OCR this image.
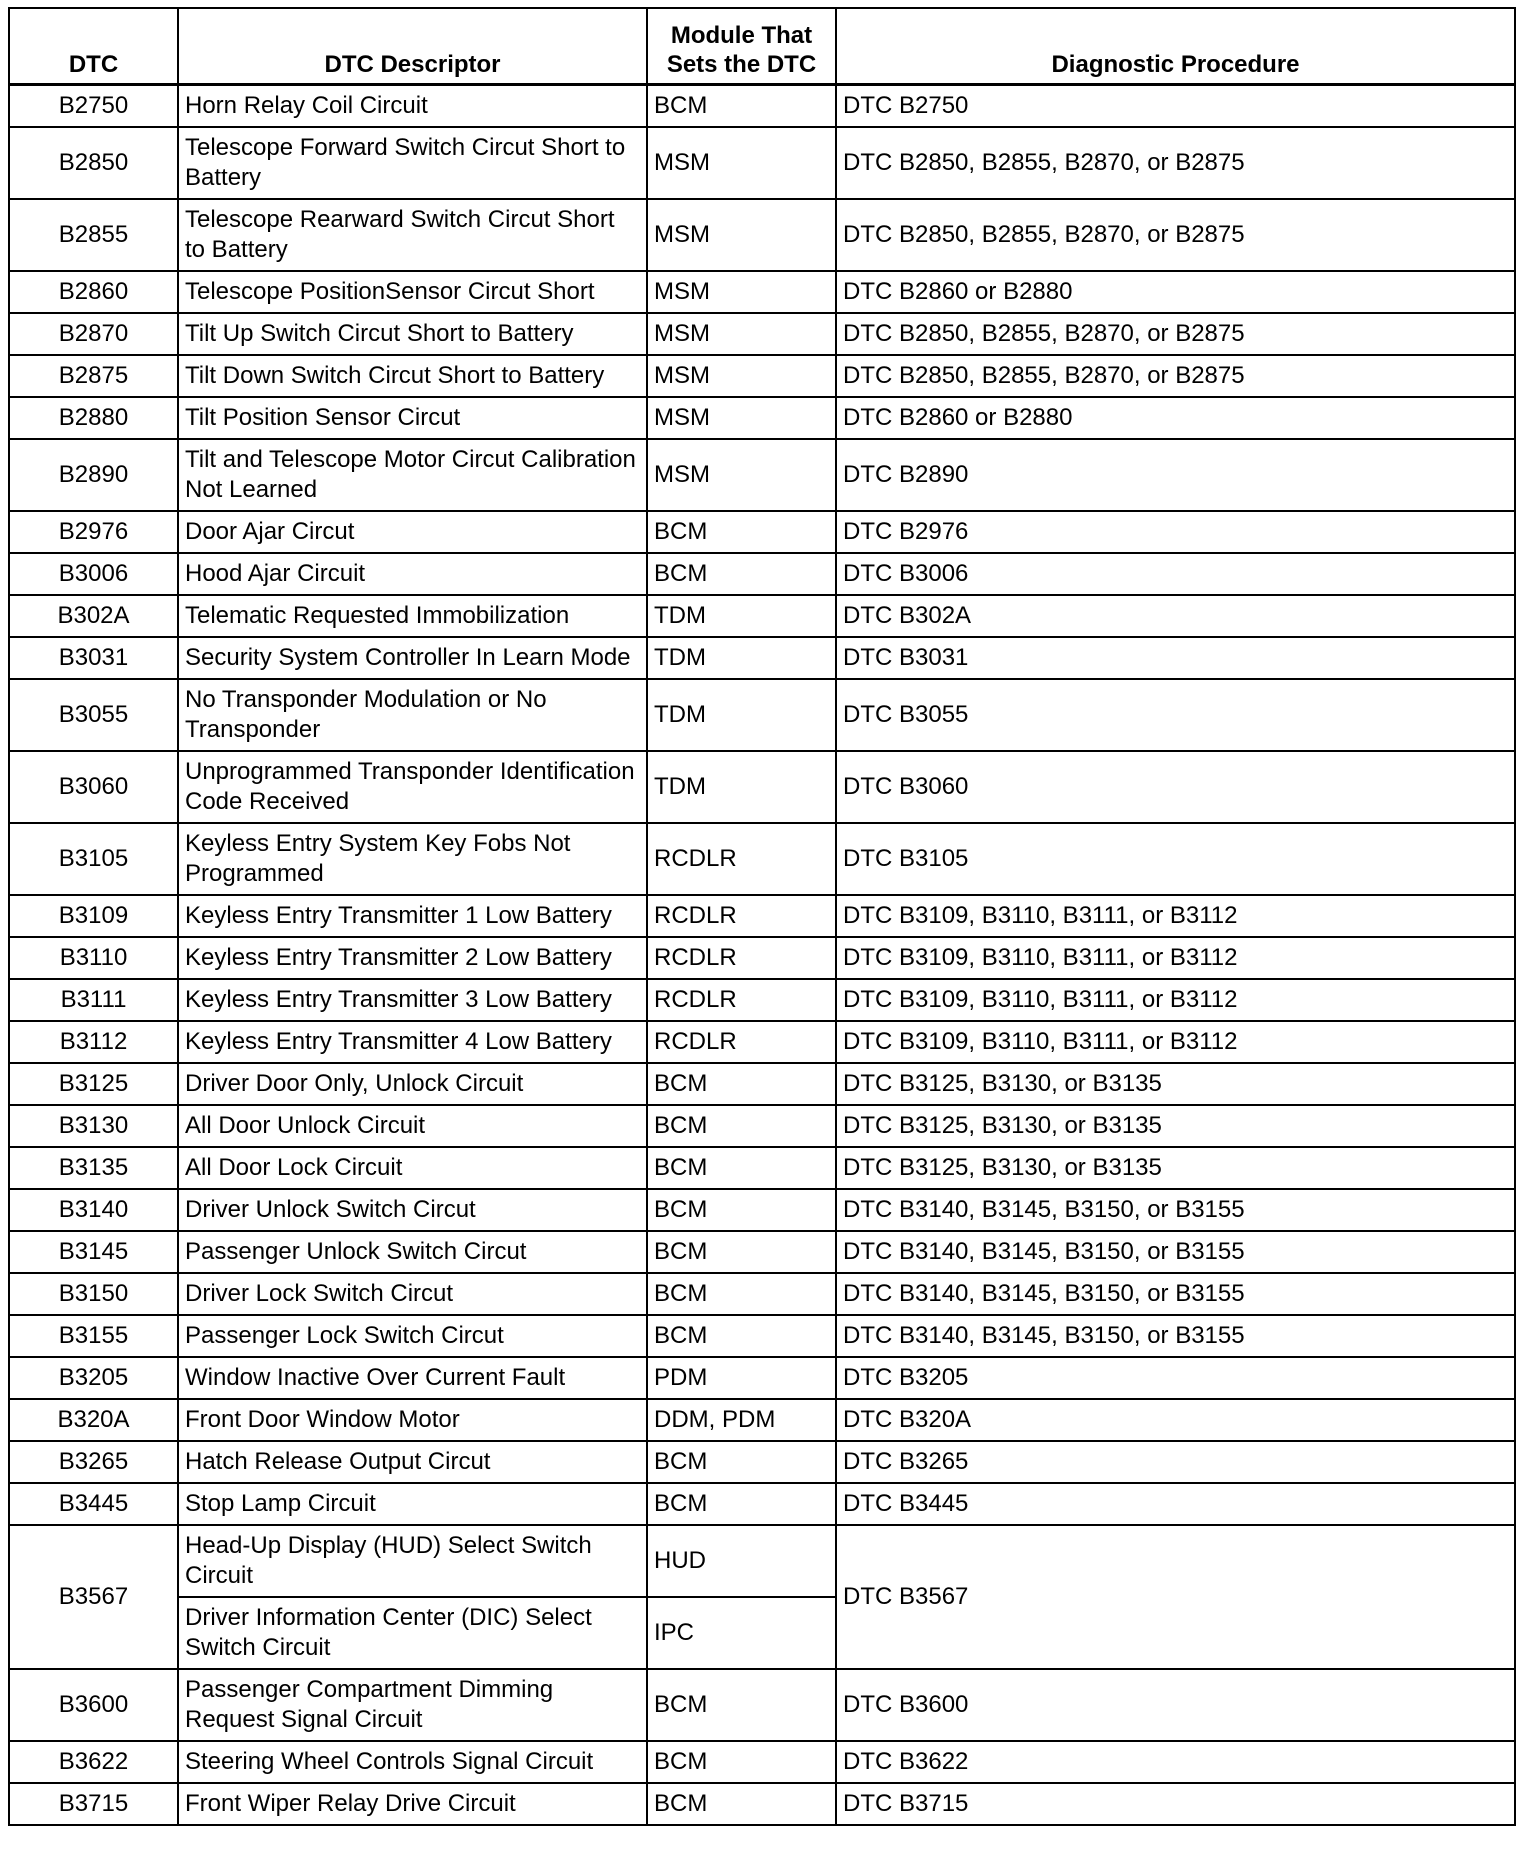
DTC	DTC Descriptor	Module That Sets the DTC	Diagnostic Procedure
B2750	Horn Relay Coil Circuit	BCM	DTC B2750
B2850	Telescope Forward Switch Circut Short to Battery	MSM	DTC B2850, B2855, B2870, or B2875
B2855	Telescope Rearward Switch Circut Short to Battery	MSM	DTC B2850, B2855, B2870, or B2875
B2860	Telescope PositionSensor Circut Short	MSM	DTC B2860 or B2880
B2870	Tilt Up Switch Circut Short to Battery	MSM	DTC B2850, B2855, B2870, or B2875
B2875	Tilt Down Switch Circut Short to Battery	MSM	DTC B2850, B2855, B2870, or B2875
B2880	Tilt Position Sensor Circut	MSM	DTC B2860 or B2880
B2890	Tilt and Telescope Motor Circut Calibration Not Learned	MSM	DTC B2890
B2976	Door Ajar Circut	BCM	DTC B2976
B3006	Hood Ajar Circuit	BCM	DTC B3006
B302A	Telematic Requested Immobilization	TDM	DTC B302A
B3031	Security System Controller In Learn Mode	TDM	DTC B3031
B3055	No Transponder Modulation or No Transponder	TDM	DTC B3055
B3060	Unprogrammed Transponder Identification Code Received	TDM	DTC B3060
B3105	Keyless Entry System Key Fobs Not Programmed	RCDLR	DTC B3105
B3109	Keyless Entry Transmitter 1 Low Battery	RCDLR	DTC B3109, B3110, B3111, or B3112
B3110	Keyless Entry Transmitter 2 Low Battery	RCDLR	DTC B3109, B3110, B3111, or B3112
B3111	Keyless Entry Transmitter 3 Low Battery	RCDLR	DTC B3109, B3110, B3111, or B3112
B3112	Keyless Entry Transmitter 4 Low Battery	RCDLR	DTC B3109, B3110, B3111, or B3112
B3125	Driver Door Only, Unlock Circuit	BCM	DTC B3125, B3130, or B3135
B3130	All Door Unlock Circuit	BCM	DTC B3125, B3130, or B3135
B3135	All Door Lock Circuit	BCM	DTC B3125, B3130, or B3135
B3140	Driver Unlock Switch Circut	BCM	DTC B3140, B3145, B3150, or B3155
B3145	Passenger Unlock Switch Circut	BCM	DTC B3140, B3145, B3150, or B3155
B3150	Driver Lock Switch Circut	BCM	DTC B3140, B3145, B3150, or B3155
B3155	Passenger Lock Switch Circut	BCM	DTC B3140, B3145, B3150, or B3155
B3205	Window Inactive Over Current Fault	PDM	DTC B3205
B320A	Front Door Window Motor	DDM, PDM	DTC B320A
B3265	Hatch Release Output Circut	BCM	DTC B3265
B3445	Stop Lamp Circuit	BCM	DTC B3445
B3567	Head-Up Display (HUD) Select Switch Circuit	HUD	DTC B3567
	Driver Information Center (DIC) Select Switch Circuit	IPC	
B3600	Passenger Compartment Dimming Request Signal Circuit	BCM	DTC B3600
B3622	Steering Wheel Controls Signal Circuit	BCM	DTC B3622
B3715	Front Wiper Relay Drive Circuit	BCM	DTC B3715
